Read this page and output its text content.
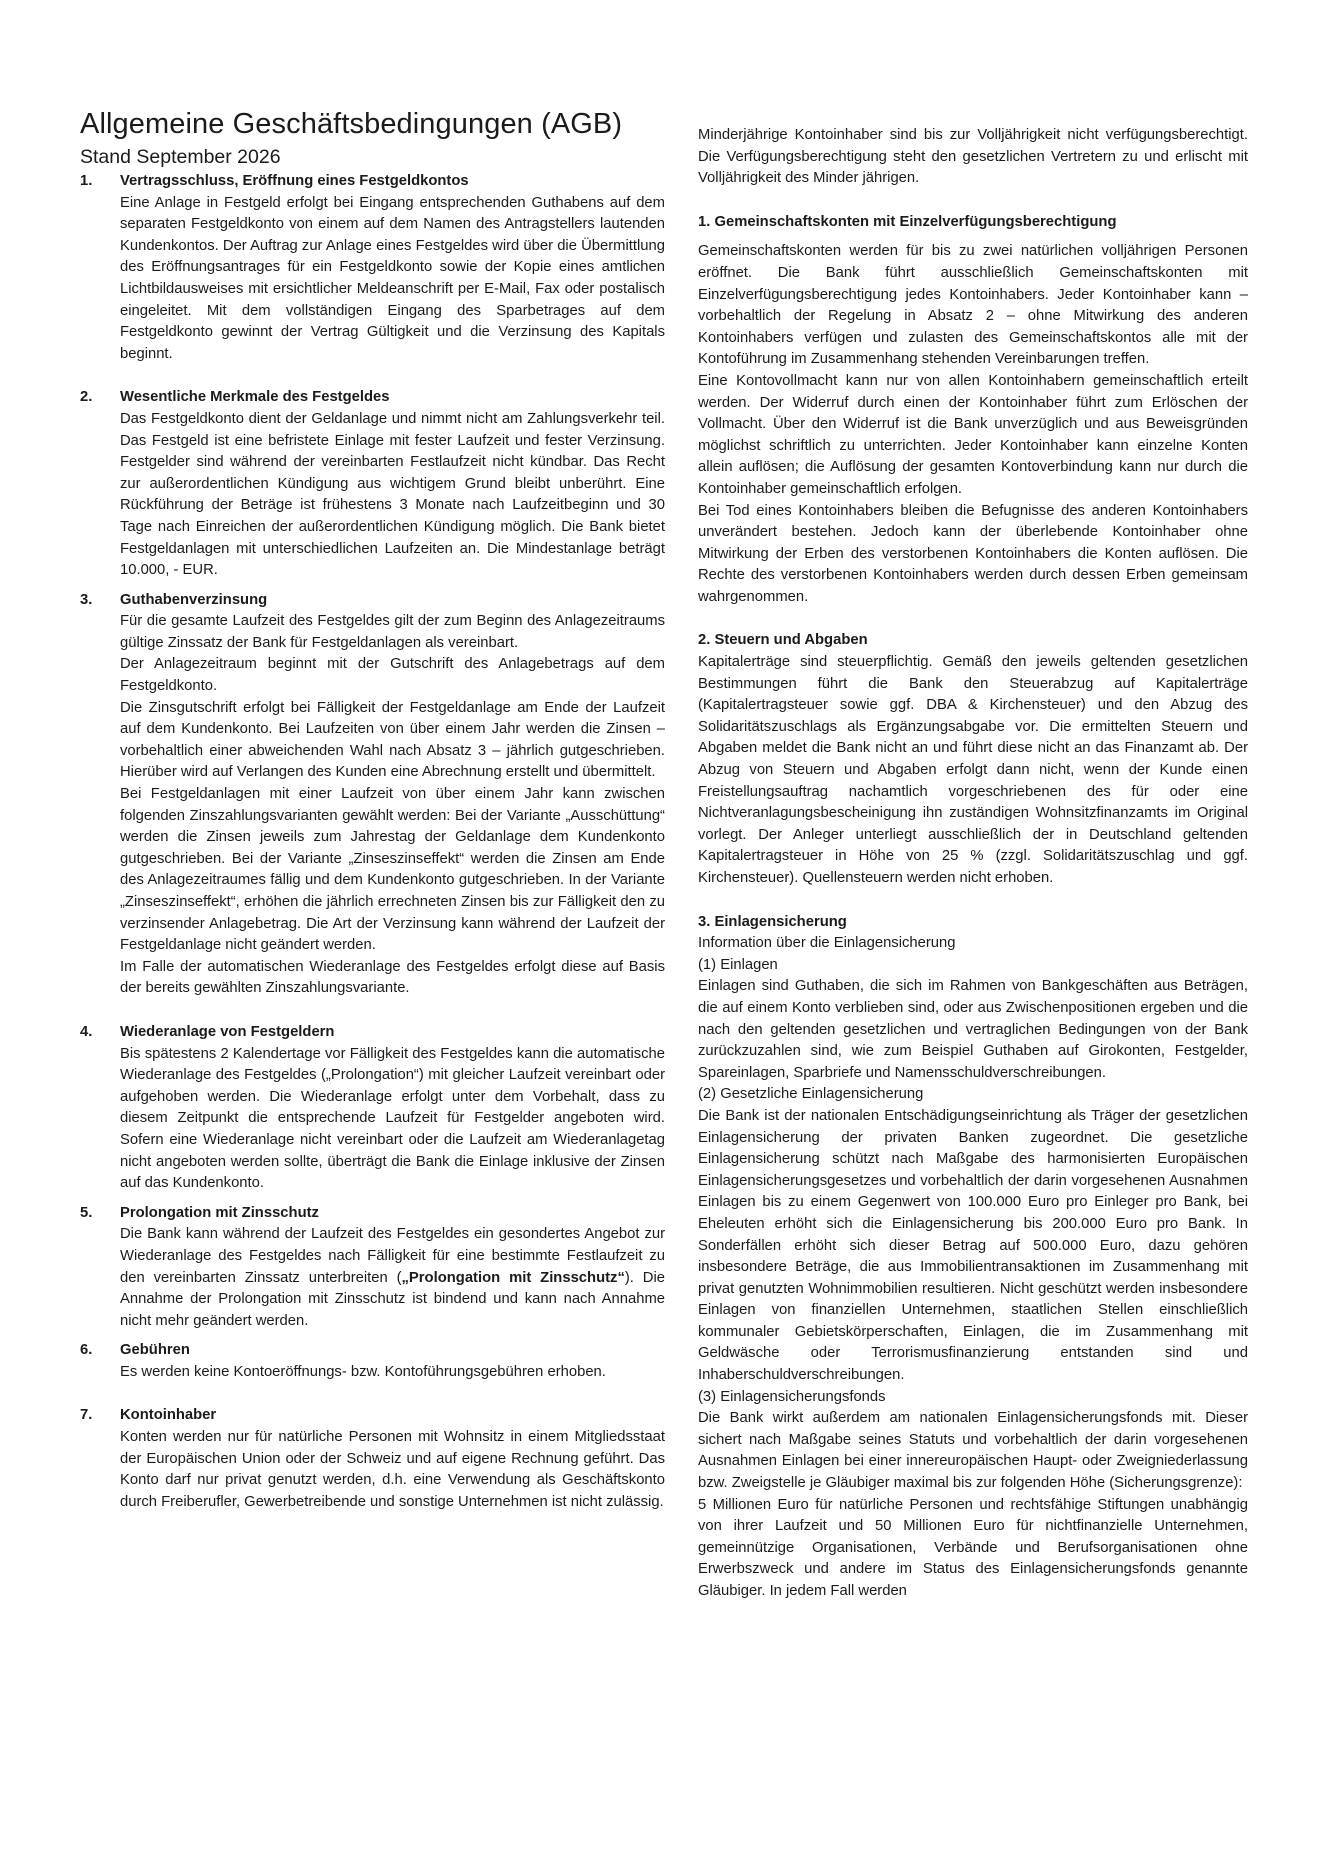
Allgemeine Geschäftsbedingungen (AGB)
Stand September 2026
1. Vertragsschluss, Eröffnung eines Festgeldkontos

Eine Anlage in Festgeld erfolgt bei Eingang entsprechenden Guthabens auf dem separaten Festgeldkonto von einem auf dem Namen des Antragstellers lautenden Kundenkontos. Der Auftrag zur Anlage eines Festgeldes wird über die Übermittlung des Eröffnungsantrages für ein Festgeldkonto sowie der Kopie eines amtlichen Lichtbildausweises mit ersichtlicher Meldeanschrift per E-Mail, Fax oder postalisch eingeleitet. Mit dem vollständigen Eingang des Sparbetrages auf dem Festgeldkonto gewinnt der Vertrag Gültigkeit und die Verzinsung des Kapitals beginnt.

2. Wesentliche Merkmale des Festgeldes

Das Festgeldkonto dient der Geldanlage und nimmt nicht am Zahlungsverkehr teil. Das Festgeld ist eine befristete Einlage mit fester Laufzeit und fester Verzinsung. Festgelder sind während der vereinbarten Festlaufzeit nicht kündbar. Das Recht zur außerordentlichen Kündigung aus wichtigem Grund bleibt unberührt. Eine Rückführung der Beträge ist frühestens 3 Monate nach Laufzeitbeginn und 30 Tage nach Einreichen der außerordentlichen Kündigung möglich. Die Bank bietet Festgeldanlagen mit unterschiedlichen Laufzeiten an. Die Mindestanlage beträgt 10.000, - EUR.

3. Guthabenverzinsung

Für die gesamte Laufzeit des Festgeldes gilt der zum Beginn des Anlagezeitraums gültige Zinssatz der Bank für Festgeldanlagen als vereinbart.

Der Anlagezeitraum beginnt mit der Gutschrift des Anlagebetrags auf dem Festgeldkonto.

Die Zinsgutschrift erfolgt bei Fälligkeit der Festgeldanlage am Ende der Laufzeit auf dem Kundenkonto. Bei Laufzeiten von über einem Jahr werden die Zinsen – vorbehaltlich einer abweichenden Wahl nach Absatz 3 – jährlich gutgeschrieben. Hierüber wird auf Verlangen des Kunden eine Abrechnung erstellt und übermittelt.

Bei Festgeldanlagen mit einer Laufzeit von über einem Jahr kann zwischen folgenden Zinszahlungsvarianten gewählt werden: Bei der Variante „Ausschüttung“ werden die Zinsen jeweils zum Jahrestag der Geldanlage dem Kundenkonto gutgeschrieben. Bei der Variante „Zinseszinseffekt“ werden die Zinsen am Ende des Anlagezeitraumes fällig und dem Kundenkonto gutgeschrieben. In der Variante „Zinseszinseffekt“, erhöhen die jährlich errechneten Zinsen bis zur Fälligkeit den zu verzinsender Anlagebetrag. Die Art der Verzinsung kann während der Laufzeit der Festgeldanlage nicht geändert werden.

Im Falle der automatischen Wiederanlage des Festgeldes erfolgt diese auf Basis der bereits gewählten Zinszahlungsvariante.

4. Wiederanlage von Festgeldern

Bis spätestens 2 Kalendertage vor Fälligkeit des Festgeldes kann die automatische Wiederanlage des Festgeldes („Prolongation“) mit gleicher Laufzeit vereinbart oder aufgehoben werden. Die Wiederanlage erfolgt unter dem Vorbehalt, dass zu diesem Zeitpunkt die entsprechende Laufzeit für Festgelder angeboten wird. Sofern eine Wiederanlage nicht vereinbart oder die Laufzeit am Wiederanlagetag nicht angeboten werden sollte, überträgt die Bank die Einlage inklusive der Zinsen auf das Kundenkonto.

5. Prolongation mit Zinsschutz

Die Bank kann während der Laufzeit des Festgeldes ein gesondertes Angebot zur Wiederanlage des Festgeldes nach Fälligkeit für eine bestimmte Festlaufzeit zu den vereinbarten Zinssatz unterbreiten („Prolongation mit Zinsschutz“). Die Annahme der Prolongation mit Zinsschutz ist bindend und kann nach Annahme nicht mehr geändert werden.

6. Gebühren

Es werden keine Kontoeröffnungs- bzw. Kontoführungsgebühren erhoben.

7. Kontoinhaber

Konten werden nur für natürliche Personen mit Wohnsitz in einem Mitgliedsstaat der Europäischen Union oder der Schweiz und auf eigene Rechnung geführt. Das Konto darf nur privat genutzt werden, d.h. eine Verwendung als Geschäftskonto durch Freiberufler, Gewerbetreibende und sonstige Unternehmen ist nicht zulässig.

Minderjährige Kontoinhaber sind bis zur Volljährigkeit nicht verfügungsberechtigt. Die Verfügungsberechtigung steht den gesetzlichen Vertretern zu und erlischt mit Volljährigkeit des Minder jährigen.

1. Gemeinschaftskonten mit Einzelverfügungsberechtigung

Gemeinschaftskonten werden für bis zu zwei natürlichen volljährigen Personen eröffnet. Die Bank führt ausschließlich Gemeinschaftskonten mit Einzelverfügungsberechtigung jedes Kontoinhabers. Jeder Kontoinhaber kann – vorbehaltlich der Regelung in Absatz 2 – ohne Mitwirkung des anderen Kontoinhabers verfügen und zulasten des Gemeinschaftskontos alle mit der Kontoführung im Zusammenhang stehenden Vereinbarungen treffen.

Eine Kontovollmacht kann nur von allen Kontoinhabern gemeinschaftlich erteilt werden. Der Widerruf durch einen der Kontoinhaber führt zum Erlöschen der Vollmacht. Über den Widerruf ist die Bank unverzüglich und aus Beweisgründen möglichst schriftlich zu unterrichten. Jeder Kontoinhaber kann einzelne Konten allein auflösen; die Auflösung der gesamten Kontoverbindung kann nur durch die Kontoinhaber gemeinschaftlich erfolgen.

Bei Tod eines Kontoinhabers bleiben die Befugnisse des anderen Kontoinhabers unverändert bestehen. Jedoch kann der überlebende Kontoinhaber ohne Mitwirkung der Erben des verstorbenen Kontoinhabers die Konten auflösen. Die Rechte des verstorbenen Kontoinhabers werden durch dessen Erben gemeinsam wahrgenommen.

2. Steuern und Abgaben

Kapitalerträge sind steuerpflichtig. Gemäß den jeweils geltenden gesetzlichen Bestimmungen führt die Bank den Steuerabzug auf Kapitalerträge (Kapitalertragsteuer sowie ggf. DBA & Kirchensteuer) und den Abzug des Solidaritätszuschlags als Ergänzungsabgabe vor. Die ermittelten Steuern und Abgaben meldet die Bank nicht an und führt diese nicht an das Finanzamt ab. Der Abzug von Steuern und Abgaben erfolgt dann nicht, wenn der Kunde einen Freistellungsauftrag nachamtlich vorgeschriebenen des für oder eine Nichtveranlagungsbescheinigung ihn zuständigen Wohnsitzfinanzamts im Original vorlegt. Der Anleger unterliegt ausschließlich der in Deutschland geltenden Kapitalertragsteuer in Höhe von 25 % (zzgl. Solidaritätszuschlag und ggf. Kirchensteuer). Quellensteuern werden nicht erhoben.

3. Einlagensicherung

Information über die Einlagensicherung

(1) Einlagen

Einlagen sind Guthaben, die sich im Rahmen von Bankgeschäften aus Beträgen, die auf einem Konto verblieben sind, oder aus Zwischenpositionen ergeben und die nach den geltenden gesetzlichen und vertraglichen Bedingungen von der Bank zurückzuzahlen sind, wie zum Beispiel Guthaben auf Girokonten, Festgelder, Spareinlagen, Sparbriefe und Namensschuldverschreibungen.

(2) Gesetzliche Einlagensicherung

Die Bank ist der nationalen Entschädigungseinrichtung als Träger der gesetzlichen Einlagensicherung der privaten Banken zugeordnet. Die gesetzliche Einlagensicherung schützt nach Maßgabe des harmonisierten Europäischen Einlagensicherungsgesetzes und vorbehaltlich der darin vorgesehenen Ausnahmen Einlagen bis zu einem Gegenwert von 100.000 Euro pro Einleger pro Bank, bei Eheleuten erhöht sich die Einlagensicherung bis 200.000 Euro pro Bank. In Sonderfällen erhöht sich dieser Betrag auf 500.000 Euro, dazu gehören insbesondere Beträge, die aus Immobilientransaktionen im Zusammenhang mit privat genutzten Wohnimmobilien resultieren. Nicht geschützt werden insbesondere Einlagen von finanziellen Unternehmen, staatlichen Stellen einschließlich kommunaler Gebietskörperschaften, Einlagen, die im Zusammenhang mit Geldwäsche oder Terrorismusfinanzierung entstanden sind und Inhaberschuldverschreibungen.

(3) Einlagensicherungsfonds

Die Bank wirkt außerdem am nationalen Einlagensicherungsfonds mit. Dieser sichert nach Maßgabe seines Statuts und vorbehaltlich der darin vorgesehenen Ausnahmen Einlagen bei einer innereuropäischen Haupt- oder Zweigniederlassung bzw. Zweigstelle je Gläubiger maximal bis zur folgenden Höhe (Sicherungsgrenze):

5 Millionen Euro für natürliche Personen und rechtsfähige Stiftungen unabhängig von ihrer Laufzeit und 50 Millionen Euro für nichtfinanzielle Unternehmen, gemeinnützige Organisationen, Verbände und Berufsorganisationen ohne Erwerbszweck und andere im Status des Einlagensicherungsfonds genannte Gläubiger. In jedem Fall werden
